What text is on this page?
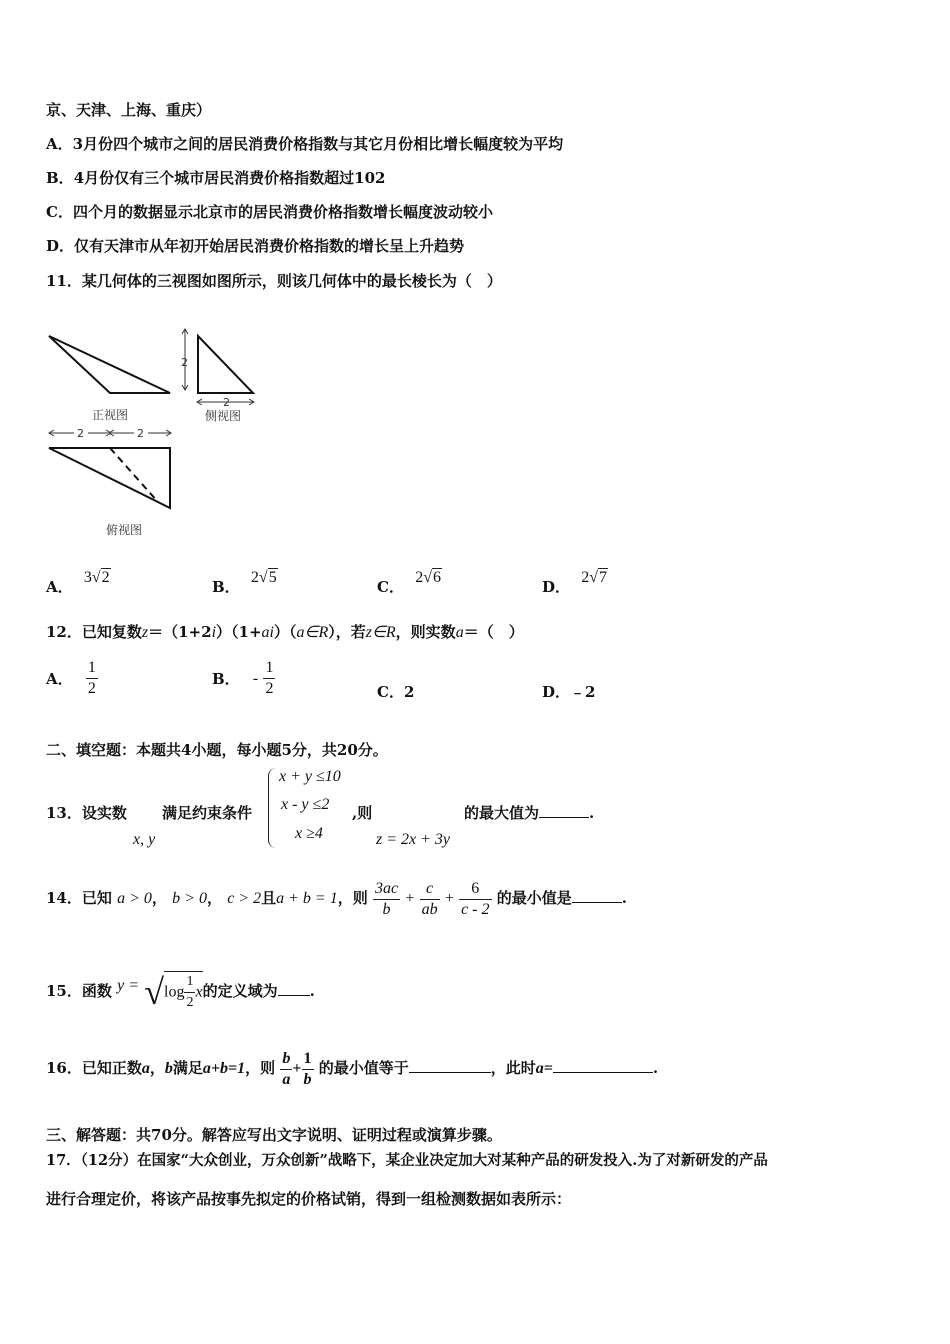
京、天津、上海、重庆）
A．3月份四个城市之间的居民消费价格指数与其它月份相比增长幅度较为平均
B．4月份仅有三个城市居民消费价格指数超过102
C．四个月的数据显示北京市的居民消费价格指数增长幅度波动较小
D．仅有天津市从年初开始居民消费价格指数的增长呈上升趋势
11．某几何体的三视图如图所示，则该几何体中的最长棱长为（　）
正视图
2
2
侧视图
2	2
俯视图
A． 3√2
B． 2√5
C． 2√6
D． 2√7
12．已知复数z＝（1+2i）（1+ai）（a∈R），若z∈R，则实数a＝（　）
A． $\frac{1}{2}$	B． - $\frac{1}{2}$	C．2	D．﹣2
二、填空题：本题共4小题，每小题5分，共20分。
13．设实数
x, y
满足约束条件
x + y ≤10
x - y ≤2
x ≥4
,则
z = 2x + 3y
的最大值为	.
14．已知 a > 0， b > 0， c > 2且a + b = 1，则 $\frac{3ac}{b} + \frac{c}{ab} + \frac{6}{c - 2}$ 的最小值是	.
15．函数 $y = √\log \frac{1}{2}$ x的定义域为 .
16．已知正数a，b满足a+b=1，则 $\frac{b}{a} + \frac{1}{b}$ 的最小值等于	，此时a=	.
三、解答题：共70分。解答应写出文字说明、证明过程或演算步骤。
17．（12分）在国家“大众创业，万众创新”战略下，某企业决定加大对某种产品的研发投入.为了对新研发的产品
进行合理定价，将该产品按事先拟定的价格试销，得到一组检测数据如表所示：
